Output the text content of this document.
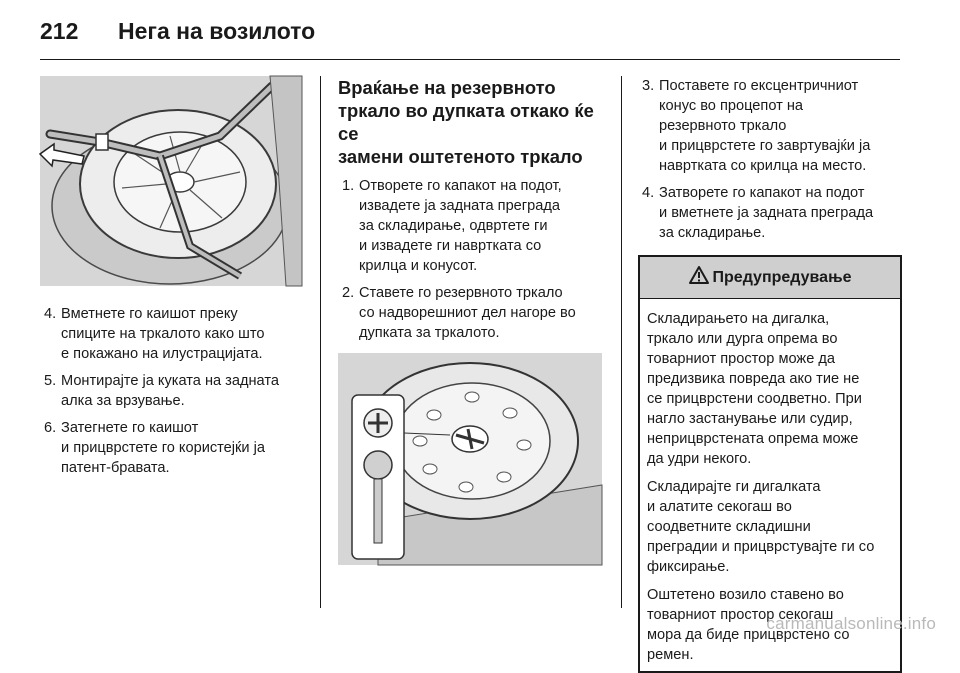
212	Нега на возилото
4. Вметнете го каишот преку
спиците на тркалото како што
е покажано на илустрацијата.
5. Монтирајте ја куката на задната
алка за врзување.
6. Затегнете го каишот
и прицврстете го користејќи ја
патент-бравата.
Враќање на резервното
тркало во дупката откако ќе се
замени оштетеното тркало
1. Отворете го капакот на подот,
извадете ја задната преграда
за складирање, одвртете ги
и извадете ги навртката со
крилца и конусот.
2. Ставете го резервното тркало
со надворешниот дел нагоре во
дупката за тркалото.
3. Поставете го ексцентричниот
конус во процепот на
резервното тркало
и прицврстете го завртувајќи ја
навртката со крилца на место.
4. Затворете го капакот на подот
и вметнете ја задната преграда
за складирање.
Предупредување

Складирањето на дигалка,
тркало или дурга опрема во
товарниот простор може да
предизвика повреда ако тие не
се прицврстени соодветно. При
нагло застанување или судир,
неприцврстената опрема може
да удри некого.

Складирајте ги дигалката
и алатите секогаш во
соодветните складишни
преградии и прицврстувајте ги со
фиксирање.

Оштетено возило ставено во
товарниот простор секогаш
мора да биде прицврстено со
ремен.

carmanualsonline.info
